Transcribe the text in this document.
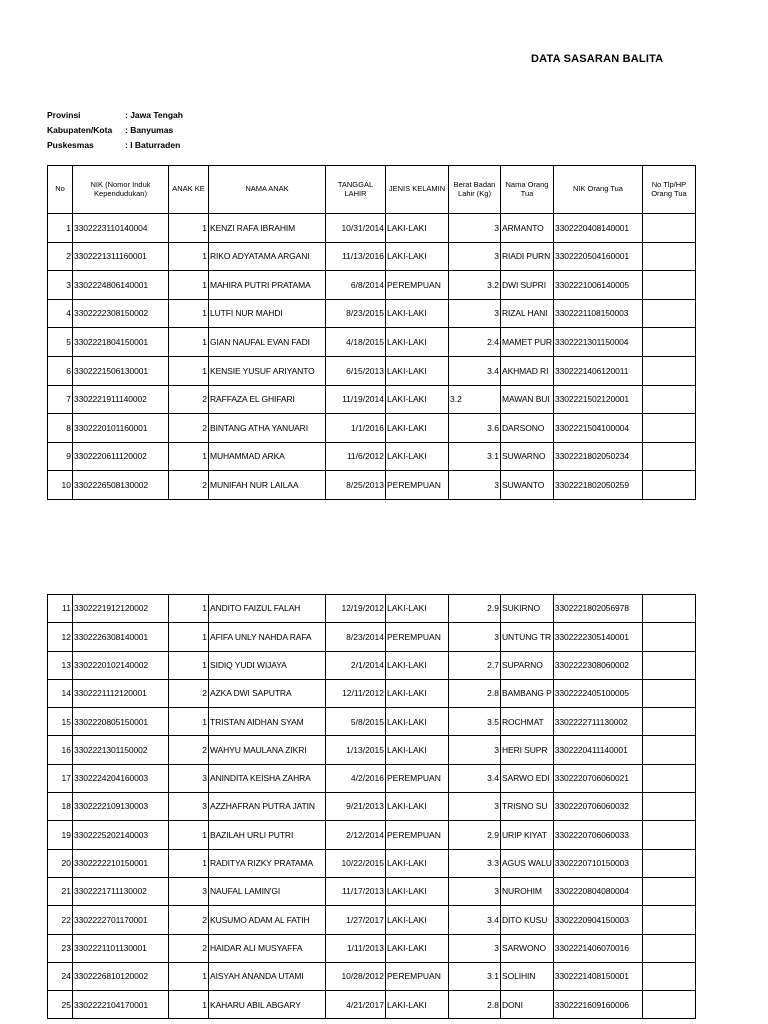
DATA SASARAN BALITA
Provinsi	: Jawa Tengah
Kabupaten/Kota : Banyumas
Puskesmas	: I Baturraden
No	NIK (Nomor Induk Kependudukan)	ANAK KE	NAMA ANAK	TANGGAL LAHIR	JENIS KELAMIN	Berat Badan Lahir (Kg)	Nama Orang Tua	NIK Orang Tua	No Tlp/HP Orang Tua
1	3302223110140004	1	KENZI RAFA IBRAHIM	10/31/2014	LAKI-LAKI	3	ARMANTO	3302220408140001	
2	3302221311160001	1	RIKO ADYATAMA ARGANI	11/13/2016	LAKI-LAKI	3	RIADI PURN	3302220504160001	
3	3302224806140001	1	MAHIRA PUTRI PRATAMA	6/8/2014	PEREMPUAN	3.2	DWI SUPRI	3302221006140005	
4	3302222308150002	1	LUTFI NUR MAHDI	8/23/2015	LAKI-LAKI	3	RIZAL HANI	3302221108150003	
5	3302221804150001	1	GIAN NAUFAL EVAN FADI	4/18/2015	LAKI-LAKI	2.4	MAMET PUR	3302221301150004	
6	3302221506130001	1	KENSIE YUSUF ARIYANTO	6/15/2013	LAKI-LAKI	3.4	AKHMAD RI	3302221406120011	
7	3302221911140002	2	RAFFAZA EL GHIFARI	11/19/2014	LAKI-LAKI	3.2	MAWAN BUI	3302221502120001	
8	3302220101160001	2	BINTANG ATHA YANUARI	1/1/2016	LAKI-LAKI	3.6	DARSONO	3302221504100004	
9	3302220611120002	1	MUHAMMAD ARKA	11/6/2012	LAKI-LAKI	3.1	SUWARNO	3302221802050234	
10	3302226508130002	2	MUNIFAH NUR LAILAA	8/25/2013	PEREMPUAN	3	SUWANTO	3302221802050259	
11	3302221912120002	1	ANDITO FAIZUL FALAH	12/19/2012	LAKI-LAKI	2.9	SUKIRNO	3302221802056978	
12	3302226308140001	1	AFIFA UNLY NAHDA RAFA	8/23/2014	PEREMPUAN	3	UNTUNG TR	3302222305140001	
13	3302220102140002	1	SIDIQ YUDI WIJAYA	2/1/2014	LAKI-LAKI	2.7	SUPARNO	3302222308060002	
14	3302221112120001	2	AZKA DWI SAPUTRA	12/11/2012	LAKI-LAKI	2.8	BAMBANG P	3302222405100005	
15	3302220805150001	1	TRISTAN AIDHAN SYAM	5/8/2015	LAKI-LAKI	3.5	ROCHMAT	3302222711130002	
16	3302221301150002	2	WAHYU MAULANA ZIKRI	1/13/2015	LAKI-LAKI	3	HERI SUPR	3302220411140001	
17	3302224204160003	3	ANINDITA KEISHA ZAHRA	4/2/2016	PEREMPUAN	3.4	SARWO EDI	3302220706060021	
18	3302222109130003	3	AZZHAFRAN PUTRA JATIN	9/21/2013	LAKI-LAKI	3	TRISNO SU	3302220706060032	
19	3302225202140003	1	BAZILAH URLI PUTRI	2/12/2014	PEREMPUAN	2.9	URIP KIYAT	3302220706060033	
20	3302222210150001	1	RADITYA RIZKY PRATAMA	10/22/2015	LAKI-LAKI	3.3	AGUS WALU	3302220710150003	
21	3302221711130002	3	NAUFAL LAMIN'GI	11/17/2013	LAKI-LAKI	3	NUROHIM	3302220804080004	
22	3302222701170001	2	KUSUMO ADAM AL FATIH	1/27/2017	LAKI-LAKI	3.4	DITO KUSU	3302220904150003	
23	3302221101130001	2	HAIDAR ALI MUSYAFFA	1/11/2013	LAKI-LAKI	3	SARWONO	3302221406070016	
24	3302226810120002	1	AISYAH ANANDA UTAMI	10/28/2012	PEREMPUAN	3.1	SOLIHIN	3302221408150001	
25	3302222104170001	1	KAHARU ABIL ABGARY	4/21/2017	LAKI-LAKI	2.8	DONI	3302221609160006	
